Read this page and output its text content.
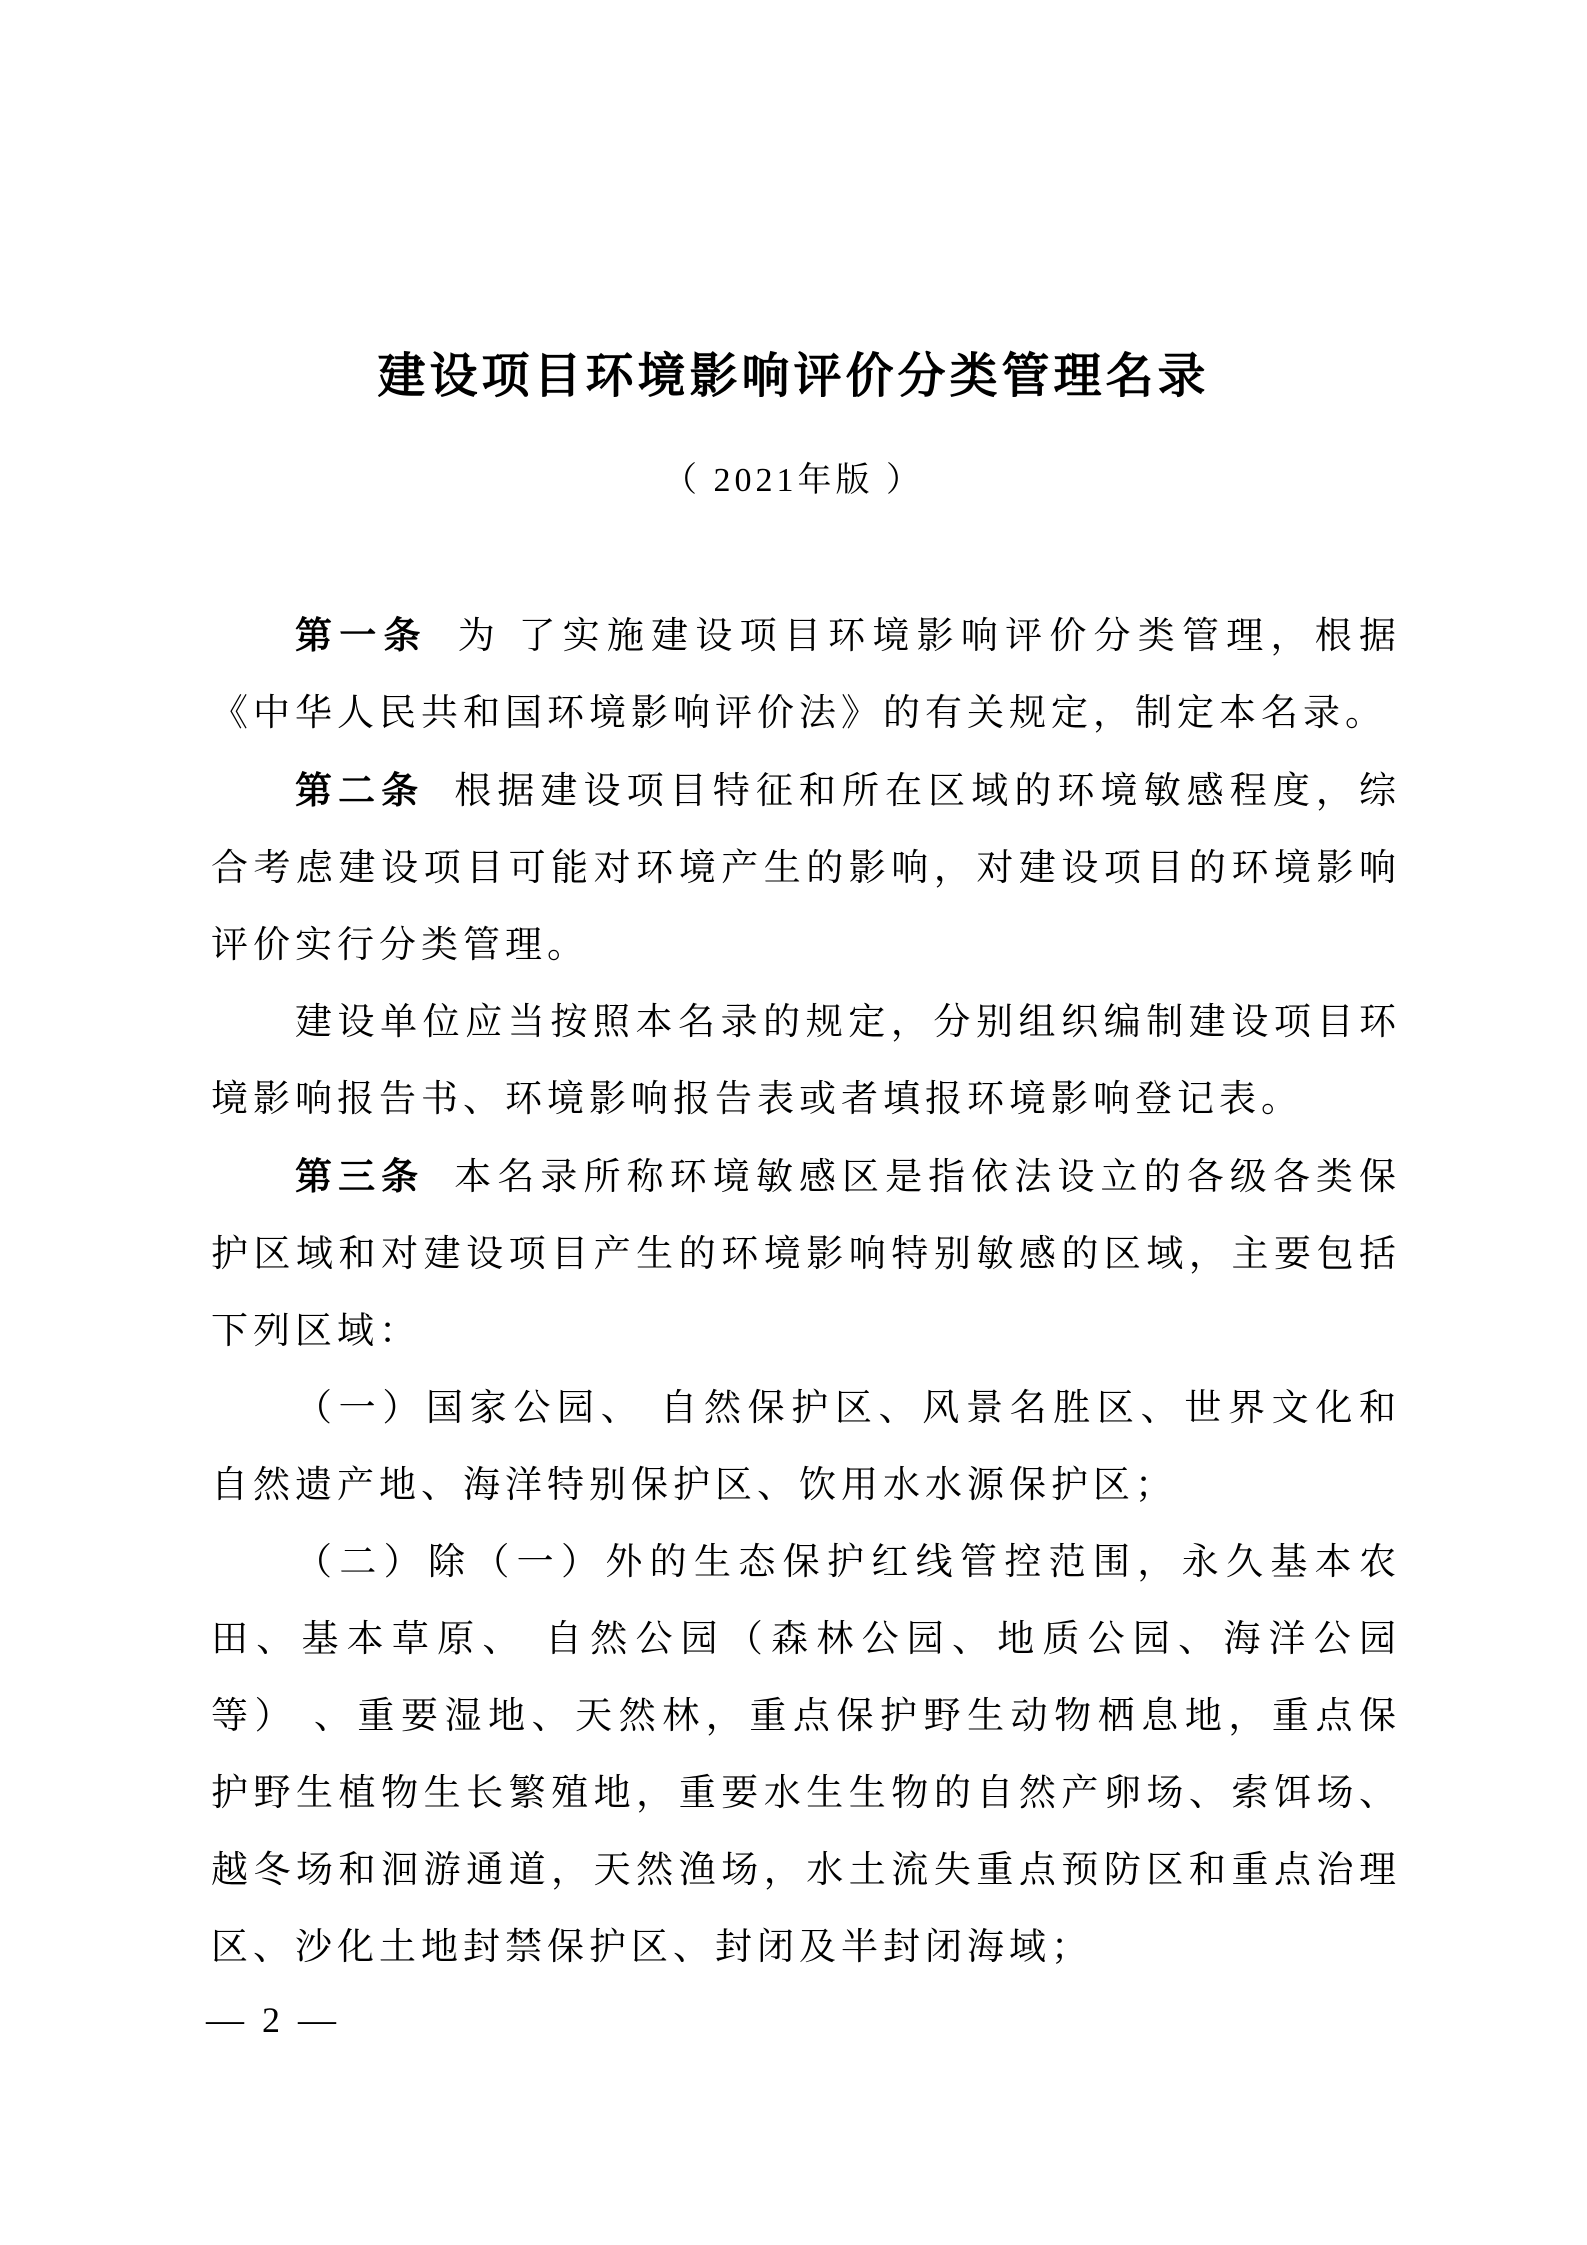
建设项目环境影响评价分类管理名录
（ 2021年版 ）

第一条 为 了实施建设项目环境影响评价分类管理，根据《中华人民共和国环境影响评价法》的有关规定，制定本名录。

第二条 根据建设项目特征和所在区域的环境敏感程度，综合考虑建设项目可能对环境产生的影响，对建设项目的环境影响评价实行分类管理。

建设单位应当按照本名录的规定，分别组织编制建设项目环境影响报告书、环境影响报告表或者填报环境影响登记表。

第三条 本名录所称环境敏感区是指依法设立的各级各类保护区域和对建设项目产生的环境影响特别敏感的区域，主要包括下列区域：

（一）国家公园、 自然保护区、风景名胜区、世界文化和自然遗产地、海洋特别保护区、饮用水水源保护区；

（二）除（一）外的生态保护红线管控范围，永久基本农田、基本草原、 自然公园（森林公园、地质公园、海洋公园等） 、重要湿地、天然林，重点保护野生动物栖息地，重点保护野生植物生长繁殖地，重要水生生物的自然产卵场、索饵场、越冬场和洄游通道，天然渔场，水土流失重点预防区和重点治理区、沙化土地封禁保护区、封闭及半封闭海域；

— 2 —
